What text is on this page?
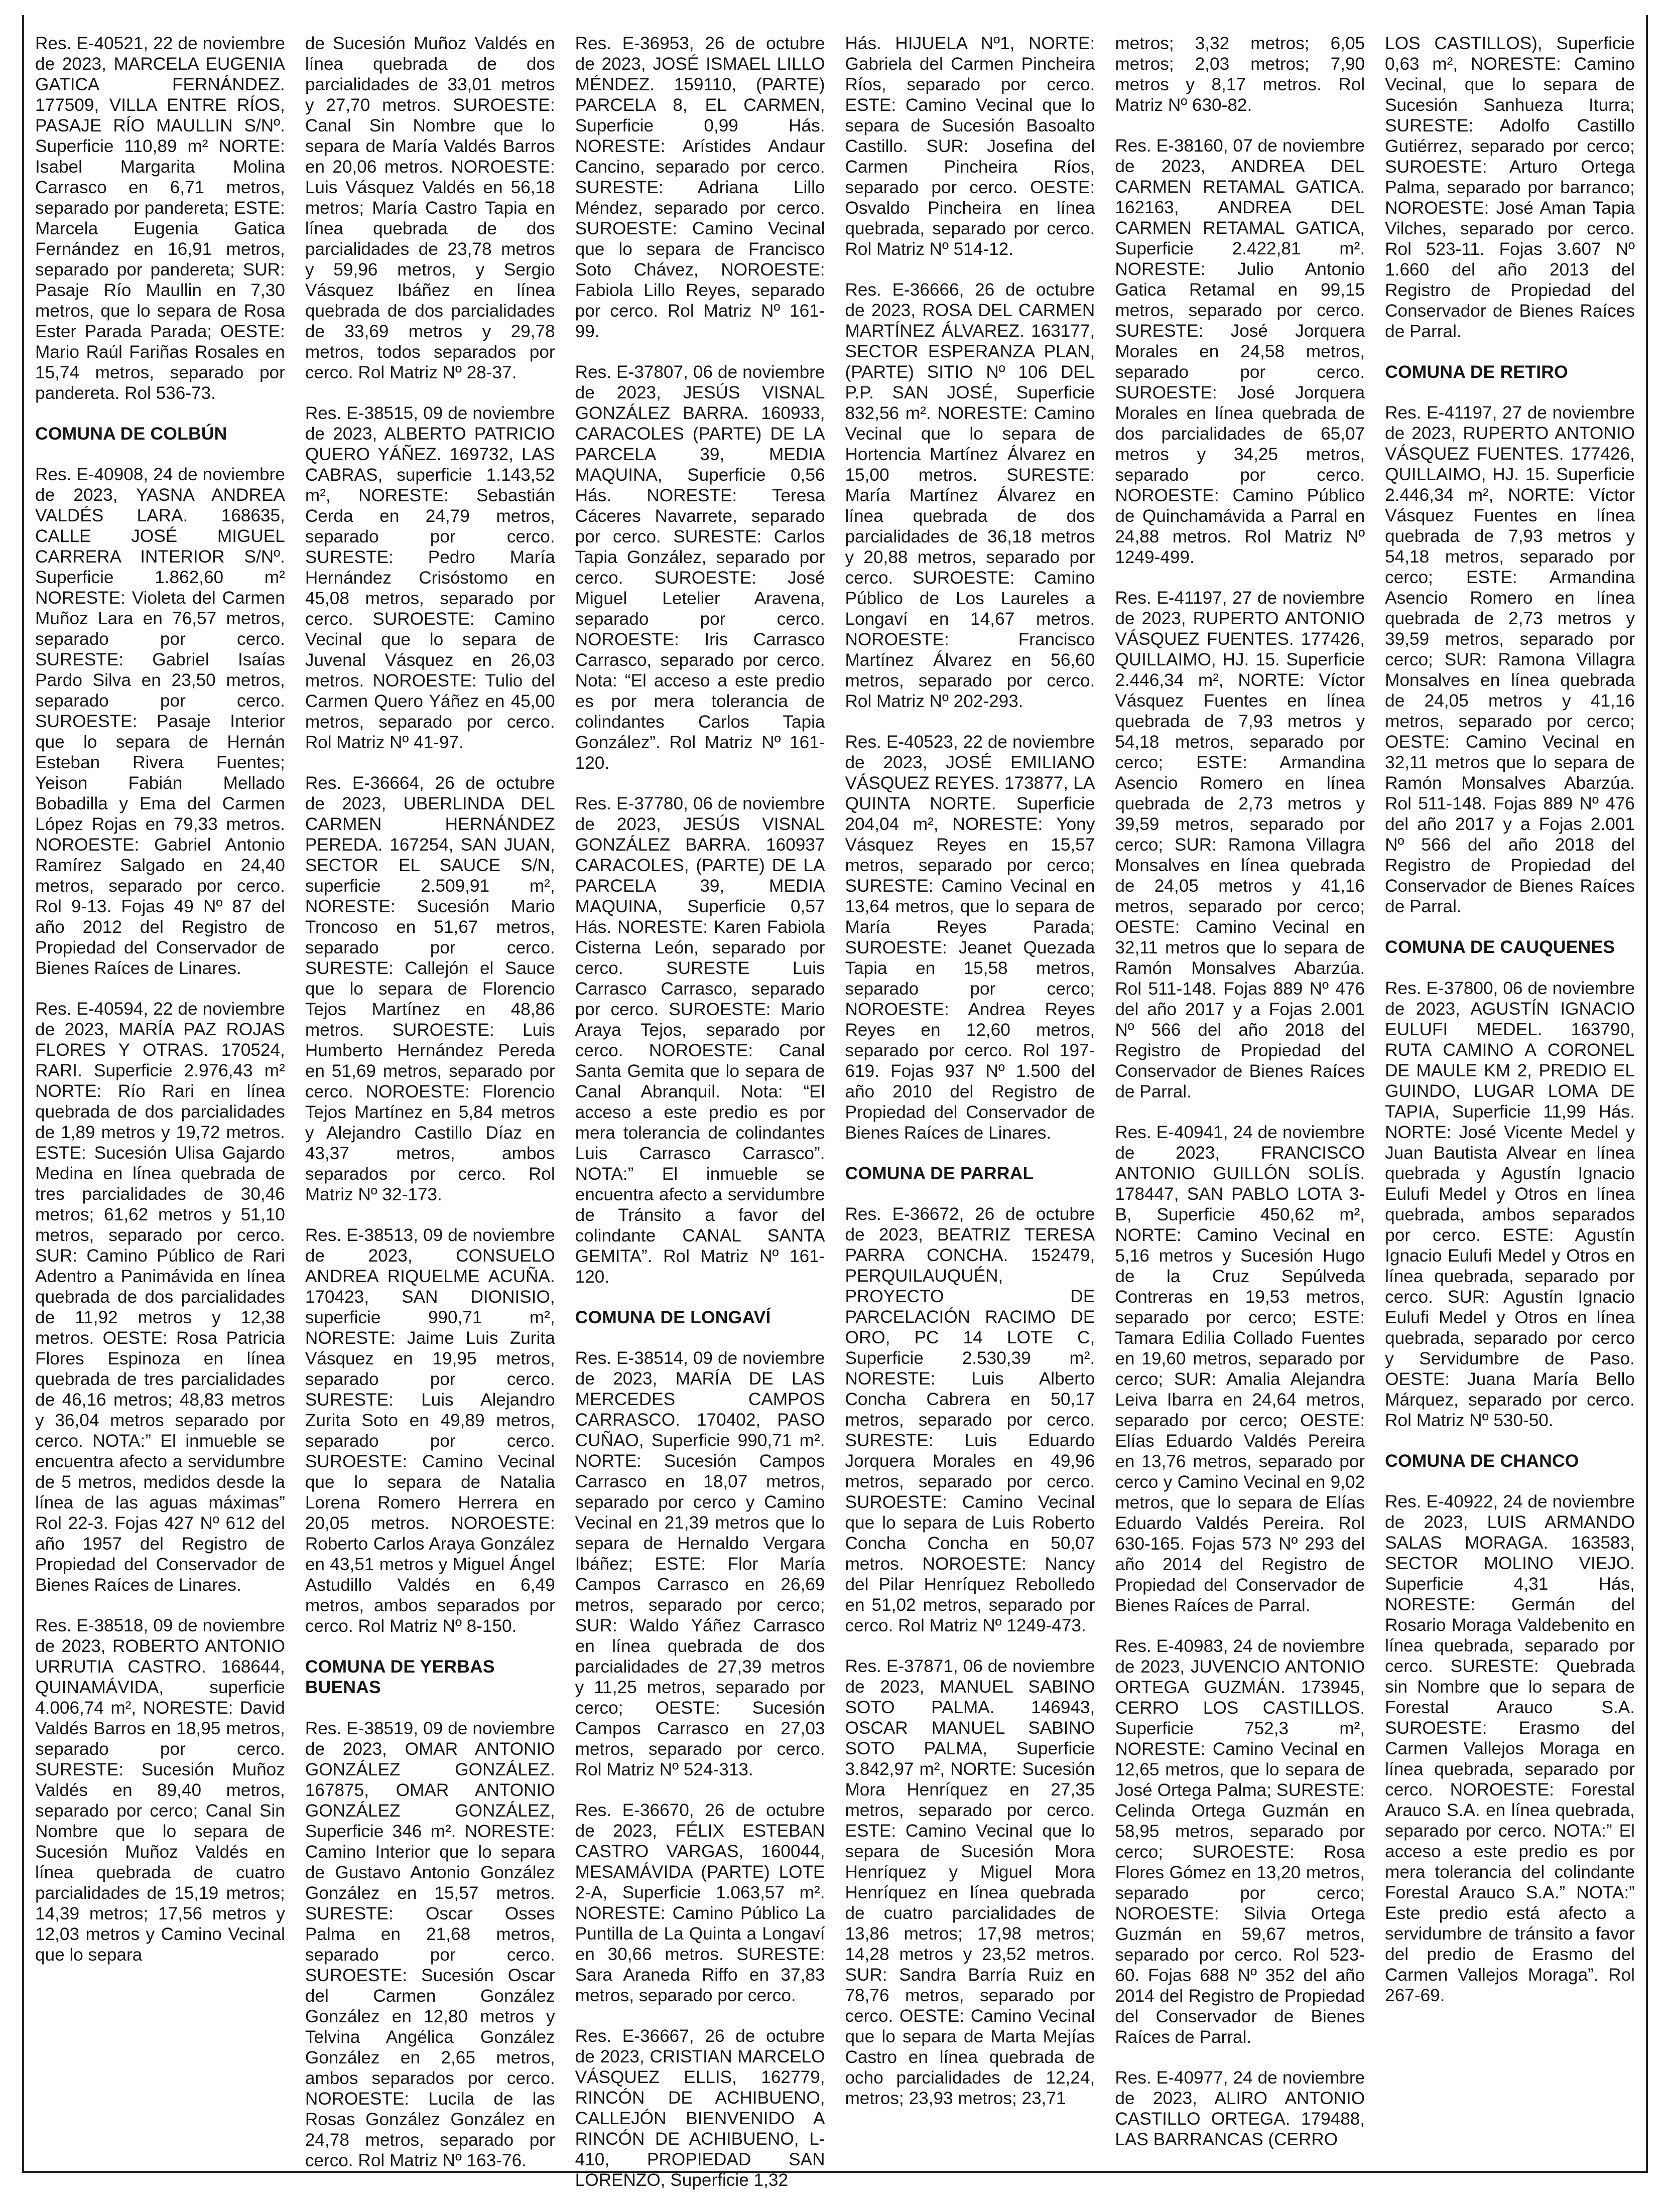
Res. E-40521, 22 de noviembre de 2023, MARCELA EUGENIA GATICA FERNÁNDEZ. 177509, VILLA ENTRE RÍOS, PASAJE RÍO MAULLIN S/Nº. Superficie 110,89 m² NORTE: Isabel Margarita Molina Carrasco en 6,71 metros, separado por pandereta; ESTE: Marcela Eugenia Gatica Fernández en 16,91 metros, separado por pandereta; SUR: Pasaje Río Maullin en 7,30 metros, que lo separa de Rosa Ester Parada Parada; OESTE: Mario Raúl Fariñas Rosales en 15,74 metros, separado por pandereta. Rol 536-73.

COMUNA DE COLBÚN

Res. E-40908, 24 de noviembre de 2023, YASNA ANDREA VALDÉS LARA. 168635, CALLE JOSÉ MIGUEL CARRERA INTERIOR S/Nº. Superficie 1.862,60 m² NORESTE: Violeta del Carmen Muñoz Lara en 76,57 metros, separado por cerco. SURESTE: Gabriel Isaías Pardo Silva en 23,50 metros, separado por cerco. SUROESTE: Pasaje Interior que lo separa de Hernán Esteban Rivera Fuentes; Yeison Fabián Mellado Bobadilla y Ema del Carmen López Rojas en 79,33 metros. NOROESTE: Gabriel Antonio Ramírez Salgado en 24,40 metros, separado por cerco. Rol 9-13. Fojas 49 Nº 87 del año 2012 del Registro de Propiedad del Conservador de Bienes Raíces de Linares.

Res. E-40594, 22 de noviembre de 2023, MARÍA PAZ ROJAS FLORES Y OTRAS. 170524, RARI. Superficie 2.976,43 m² NORTE: Río Rari en línea quebrada de dos parcialidades de 1,89 metros y 19,72 metros. ESTE: Sucesión Ulisa Gajardo Medina en línea quebrada de tres parcialidades de 30,46 metros; 61,62 metros y 51,10 metros, separado por cerco. SUR: Camino Público de Rari Adentro a Panimávida en línea quebrada de dos parcialidades de 11,92 metros y 12,38 metros. OESTE: Rosa Patricia Flores Espinoza en línea quebrada de tres parcialidades de 46,16 metros; 48,83 metros y 36,04 metros separado por cerco. NOTA:” El inmueble se encuentra afecto a servidumbre de 5 metros, medidos desde la línea de las aguas máximas” Rol 22-3. Fojas 427 Nº 612 del año 1957 del Registro de Propiedad del Conservador de Bienes Raíces de Linares.

Res. E-38518, 09 de noviembre de 2023, ROBERTO ANTONIO URRUTIA CASTRO. 168644, QUINAMÁVIDA, superficie 4.006,74 m², NORESTE: David Valdés Barros en 18,95 metros, separado por cerco. SURESTE: Sucesión Muñoz Valdés en 89,40 metros, separado por cerco; Canal Sin Nombre que lo separa de Sucesión Muñoz Valdés en línea quebrada de cuatro parcialidades de 15,19 metros; 14,39 metros; 17,56 metros y 12,03 metros y Camino Vecinal que lo separa

de Sucesión Muñoz Valdés en línea quebrada de dos parcialidades de 33,01 metros y 27,70 metros. SUROESTE: Canal Sin Nombre que lo separa de María Valdés Barros en 20,06 metros. NOROESTE: Luis Vásquez Valdés en 56,18 metros; María Castro Tapia en línea quebrada de dos parcialidades de 23,78 metros y 59,96 metros, y Sergio Vásquez Ibáñez en línea quebrada de dos parcialidades de 33,69 metros y 29,78 metros, todos separados por cerco. Rol Matriz Nº 28-37.

Res. E-38515, 09 de noviembre de 2023, ALBERTO PATRICIO QUERO YÁÑEZ. 169732, LAS CABRAS, superficie 1.143,52 m², NORESTE: Sebastián Cerda en 24,79 metros, separado por cerco. SURESTE: Pedro María Hernández Crisóstomo en 45,08 metros, separado por cerco. SUROESTE: Camino Vecinal que lo separa de Juvenal Vásquez en 26,03 metros. NOROESTE: Tulio del Carmen Quero Yáñez en 45,00 metros, separado por cerco. Rol Matriz Nº 41-97.

Res. E-36664, 26 de octubre de 2023, UBERLINDA DEL CARMEN HERNÁNDEZ PEREDA. 167254, SAN JUAN, SECTOR EL SAUCE S/N, superficie 2.509,91 m², NORESTE: Sucesión Mario Troncoso en 51,67 metros, separado por cerco. SURESTE: Callejón el Sauce que lo separa de Florencio Tejos Martínez en 48,86 metros. SUROESTE: Luis Humberto Hernández Pereda en 51,69 metros, separado por cerco. NOROESTE: Florencio Tejos Martínez en 5,84 metros y Alejandro Castillo Díaz en 43,37 metros, ambos separados por cerco. Rol Matriz Nº 32-173.

Res. E-38513, 09 de noviembre de 2023, CONSUELO ANDREA RIQUELME ACUÑA. 170423, SAN DIONISIO, superficie 990,71 m², NORESTE: Jaime Luis Zurita Vásquez en 19,95 metros, separado por cerco. SURESTE: Luis Alejandro Zurita Soto en 49,89 metros, separado por cerco. SUROESTE: Camino Vecinal que lo separa de Natalia Lorena Romero Herrera en 20,05 metros. NOROESTE: Roberto Carlos Araya González en 43,51 metros y Miguel Ángel Astudillo Valdés en 6,49 metros, ambos separados por cerco. Rol Matriz Nº 8-150.

COMUNA DE YERBAS BUENAS

Res. E-38519, 09 de noviembre de 2023, OMAR ANTONIO GONZÁLEZ GONZÁLEZ. 167875, OMAR ANTONIO GONZÁLEZ GONZÁLEZ, Superficie 346 m². NORESTE: Camino Interior que lo separa de Gustavo Antonio González González en 15,57 metros. SURESTE: Oscar Osses Palma en 21,68 metros, separado por cerco. SUROESTE: Sucesión Oscar del Carmen González González en 12,80 metros y Telvina Angélica González González en 2,65 metros, ambos separados por cerco. NOROESTE: Lucila de las Rosas González González en 24,78 metros, separado por cerco. Rol Matriz Nº 163-76.

Res. E-36953, 26 de octubre de 2023, JOSÉ ISMAEL LILLO MÉNDEZ. 159110, (PARTE) PARCELA 8, EL CARMEN, Superficie 0,99 Hás. NORESTE: Arístides Andaur Cancino, separado por cerco. SURESTE: Adriana Lillo Méndez, separado por cerco. SUROESTE: Camino Vecinal que lo separa de Francisco Soto Chávez, NOROESTE: Fabiola Lillo Reyes, separado por cerco. Rol Matriz Nº 161-99.

Res. E-37807, 06 de noviembre de 2023, JESÚS VISNAL GONZÁLEZ BARRA. 160933, CARACOLES (PARTE) DE LA PARCELA 39, MEDIA MAQUINA, Superficie 0,56 Hás. NORESTE: Teresa Cáceres Navarrete, separado por cerco. SURESTE: Carlos Tapia González, separado por cerco. SUROESTE: José Miguel Letelier Aravena, separado por cerco. NOROESTE: Iris Carrasco Carrasco, separado por cerco. Nota: “El acceso a este predio es por mera tolerancia de colindantes Carlos Tapia González”. Rol Matriz Nº 161-120.

Res. E-37780, 06 de noviembre de 2023, JESÚS VISNAL GONZÁLEZ BARRA. 160937 CARACOLES, (PARTE) DE LA PARCELA 39, MEDIA MAQUINA, Superficie 0,57 Hás. NORESTE: Karen Fabiola Cisterna León, separado por cerco. SURESTE Luis Carrasco Carrasco, separado por cerco. SUROESTE: Mario Araya Tejos, separado por cerco. NOROESTE: Canal Santa Gemita que lo separa de Canal Abranquil. Nota: “El acceso a este predio es por mera tolerancia de colindantes Luis Carrasco Carrasco”. NOTA:” El inmueble se encuentra afecto a servidumbre de Tránsito a favor del colindante CANAL SANTA GEMITA”. Rol Matriz Nº 161-120.

COMUNA DE LONGAVÍ

Res. E-38514, 09 de noviembre de 2023, MARÍA DE LAS MERCEDES CAMPOS CARRASCO. 170402, PASO CUÑAO, Superficie 990,71 m². NORTE: Sucesión Campos Carrasco en 18,07 metros, separado por cerco y Camino Vecinal en 21,39 metros que lo separa de Hernaldo Vergara Ibáñez; ESTE: Flor María Campos Carrasco en 26,69 metros, separado por cerco; SUR: Waldo Yáñez Carrasco en línea quebrada de dos parcialidades de 27,39 metros y 11,25 metros, separado por cerco; OESTE: Sucesión Campos Carrasco en 27,03 metros, separado por cerco. Rol Matriz Nº 524-313.

Res. E-36670, 26 de octubre de 2023, FÉLIX ESTEBAN CASTRO VARGAS, 160044, MESAMÁVIDA (PARTE) LOTE 2-A, Superficie 1.063,57 m². NORESTE: Camino Público La Puntilla de La Quinta a Longaví en 30,66 metros. SURESTE: Sara Araneda Riffo en 37,83 metros, separado por cerco.

Res. E-36667, 26 de octubre de 2023, CRISTIAN MARCELO VÁSQUEZ ELLIS, 162779, RINCÓN DE ACHIBUENO, CALLEJÓN BIENVENIDO A RINCÓN DE ACHIBUENO, L-410, PROPIEDAD SAN LORENZO, Superficie 1,32

Hás. HIJUELA Nº1, NORTE: Gabriela del Carmen Pincheira Ríos, separado por cerco. ESTE: Camino Vecinal que lo separa de Sucesión Basoalto Castillo. SUR: Josefina del Carmen Pincheira Ríos, separado por cerco. OESTE: Osvaldo Pincheira en línea quebrada, separado por cerco. Rol Matriz Nº 514-12.

Res. E-36666, 26 de octubre de 2023, ROSA DEL CARMEN MARTÍNEZ ÁLVAREZ. 163177, SECTOR ESPERANZA PLAN, (PARTE) SITIO Nº 106 DEL P.P. SAN JOSÉ, Superficie 832,56 m². NORESTE: Camino Vecinal que lo separa de Hortencia Martínez Álvarez en 15,00 metros. SURESTE: María Martínez Álvarez en línea quebrada de dos parcialidades de 36,18 metros y 20,88 metros, separado por cerco. SUROESTE: Camino Público de Los Laureles a Longaví en 14,67 metros. NOROESTE: Francisco Martínez Álvarez en 56,60 metros, separado por cerco. Rol Matriz Nº 202-293.

Res. E-40523, 22 de noviembre de 2023, JOSÉ EMILIANO VÁSQUEZ REYES. 173877, LA QUINTA NORTE. Superficie 204,04 m², NORESTE: Yony Vásquez Reyes en 15,57 metros, separado por cerco; SURESTE: Camino Vecinal en 13,64 metros, que lo separa de María Reyes Parada; SUROESTE: Jeanet Quezada Tapia en 15,58 metros, separado por cerco; NOROESTE: Andrea Reyes Reyes en 12,60 metros, separado por cerco. Rol 197-619. Fojas 937 Nº 1.500 del año 2010 del Registro de Propiedad del Conservador de Bienes Raíces de Linares.

COMUNA DE PARRAL

Res. E-36672, 26 de octubre de 2023, BEATRIZ TERESA PARRA CONCHA. 152479, PERQUILAUQUÉN, PROYECTO DE PARCELACIÓN RACIMO DE ORO, PC 14 LOTE C, Superficie 2.530,39 m². NORESTE: Luis Alberto Concha Cabrera en 50,17 metros, separado por cerco. SURESTE: Luis Eduardo Jorquera Morales en 49,96 metros, separado por cerco. SUROESTE: Camino Vecinal que lo separa de Luis Roberto Concha Concha en 50,07 metros. NOROESTE: Nancy del Pilar Henríquez Rebolledo en 51,02 metros, separado por cerco. Rol Matriz Nº 1249-473.

Res. E-37871, 06 de noviembre de 2023, MANUEL SABINO SOTO PALMA. 146943, OSCAR MANUEL SABINO SOTO PALMA, Superficie 3.842,97 m², NORTE: Sucesión Mora Henríquez en 27,35 metros, separado por cerco. ESTE: Camino Vecinal que lo separa de Sucesión Mora Henríquez y Miguel Mora Henríquez en línea quebrada de cuatro parcialidades de 13,86 metros; 17,98 metros; 14,28 metros y 23,52 metros. SUR: Sandra Barría Ruiz en 78,76 metros, separado por cerco. OESTE: Camino Vecinal que lo separa de Marta Mejías Castro en línea quebrada de ocho parcialidades de 12,24, metros; 23,93 metros; 23,71

metros; 3,32 metros; 6,05 metros; 2,03 metros; 7,90 metros y 8,17 metros. Rol Matriz Nº 630-82.

Res. E-38160, 07 de noviembre de 2023, ANDREA DEL CARMEN RETAMAL GATICA. 162163, ANDREA DEL CARMEN RETAMAL GATICA, Superficie 2.422,81 m². NORESTE: Julio Antonio Gatica Retamal en 99,15 metros, separado por cerco. SURESTE: José Jorquera Morales en 24,58 metros, separado por cerco. SUROESTE: José Jorquera Morales en línea quebrada de dos parcialidades de 65,07 metros y 34,25 metros, separado por cerco. NOROESTE: Camino Público de Quinchamávida a Parral en 24,88 metros. Rol Matriz Nº 1249-499.

Res. E-41197, 27 de noviembre de 2023, RUPERTO ANTONIO VÁSQUEZ FUENTES. 177426, QUILLAIMO, HJ. 15. Superficie 2.446,34 m², NORTE: Víctor Vásquez Fuentes en línea quebrada de 7,93 metros y 54,18 metros, separado por cerco; ESTE: Armandina Asencio Romero en línea quebrada de 2,73 metros y 39,59 metros, separado por cerco; SUR: Ramona Villagra Monsalves en línea quebrada de 24,05 metros y 41,16 metros, separado por cerco; OESTE: Camino Vecinal en 32,11 metros que lo separa de Ramón Monsalves Abarzúa. Rol 511-148. Fojas 889 Nº 476 del año 2017 y a Fojas 2.001 Nº 566 del año 2018 del Registro de Propiedad del Conservador de Bienes Raíces de Parral.

Res. E-40941, 24 de noviembre de 2023, FRANCISCO ANTONIO GUILLÓN SOLÍS. 178447, SAN PABLO LOTA 3-B, Superficie 450,62 m², NORTE: Camino Vecinal en 5,16 metros y Sucesión Hugo de la Cruz Sepúlveda Contreras en 19,53 metros, separado por cerco; ESTE: Tamara Edilia Collado Fuentes en 19,60 metros, separado por cerco; SUR: Amalia Alejandra Leiva Ibarra en 24,64 metros, separado por cerco; OESTE: Elías Eduardo Valdés Pereira en 13,76 metros, separado por cerco y Camino Vecinal en 9,02 metros, que lo separa de Elías Eduardo Valdés Pereira. Rol 630-165. Fojas 573 Nº 293 del año 2014 del Registro de Propiedad del Conservador de Bienes Raíces de Parral.

Res. E-40983, 24 de noviembre de 2023, JUVENCIO ANTONIO ORTEGA GUZMÁN. 173945, CERRO LOS CASTILLOS. Superficie 752,3 m², NORESTE: Camino Vecinal en 12,65 metros, que lo separa de José Ortega Palma; SURESTE: Celinda Ortega Guzmán en 58,95 metros, separado por cerco; SUROESTE: Rosa Flores Gómez en 13,20 metros, separado por cerco; NOROESTE: Silvia Ortega Guzmán en 59,67 metros, separado por cerco. Rol 523-60. Fojas 688 Nº 352 del año 2014 del Registro de Propiedad del Conservador de Bienes Raíces de Parral.

Res. E-40977, 24 de noviembre de 2023, ALIRO ANTONIO CASTILLO ORTEGA. 179488, LAS BARRANCAS (CERRO

LOS CASTILLOS), Superficie 0,63 m², NORESTE: Camino Vecinal, que lo separa de Sucesión Sanhueza Iturra; SURESTE: Adolfo Castillo Gutiérrez, separado por cerco; SUROESTE: Arturo Ortega Palma, separado por barranco; NOROESTE: José Aman Tapia Vilches, separado por cerco. Rol 523-11. Fojas 3.607 Nº 1.660 del año 2013 del Registro de Propiedad del Conservador de Bienes Raíces de Parral.

COMUNA DE RETIRO

Res. E-41197, 27 de noviembre de 2023, RUPERTO ANTONIO VÁSQUEZ FUENTES. 177426, QUILLAIMO, HJ. 15. Superficie 2.446,34 m², NORTE: Víctor Vásquez Fuentes en línea quebrada de 7,93 metros y 54,18 metros, separado por cerco; ESTE: Armandina Asencio Romero en línea quebrada de 2,73 metros y 39,59 metros, separado por cerco; SUR: Ramona Villagra Monsalves en línea quebrada de 24,05 metros y 41,16 metros, separado por cerco; OESTE: Camino Vecinal en 32,11 metros que lo separa de Ramón Monsalves Abarzúa. Rol 511-148. Fojas 889 Nº 476 del año 2017 y a Fojas 2.001 Nº 566 del año 2018 del Registro de Propiedad del Conservador de Bienes Raíces de Parral.

COMUNA DE CAUQUENES

Res. E-37800, 06 de noviembre de 2023, AGUSTÍN IGNACIO EULUFI MEDEL. 163790, RUTA CAMINO A CORONEL DE MAULE KM 2, PREDIO EL GUINDO, LUGAR LOMA DE TAPIA, Superficie 11,99 Hás. NORTE: José Vicente Medel y Juan Bautista Alvear en línea quebrada y Agustín Ignacio Eulufi Medel y Otros en línea quebrada, ambos separados por cerco. ESTE: Agustín Ignacio Eulufi Medel y Otros en línea quebrada, separado por cerco. SUR: Agustín Ignacio Eulufi Medel y Otros en línea quebrada, separado por cerco y Servidumbre de Paso. OESTE: Juana María Bello Márquez, separado por cerco. Rol Matriz Nº 530-50.

COMUNA DE CHANCO

Res. E-40922, 24 de noviembre de 2023, LUIS ARMANDO SALAS MORAGA. 163583, SECTOR MOLINO VIEJO. Superficie 4,31 Hás, NORESTE: Germán del Rosario Moraga Valdebenito en línea quebrada, separado por cerco. SURESTE: Quebrada sin Nombre que lo separa de Forestal Arauco S.A. SUROESTE: Erasmo del Carmen Vallejos Moraga en línea quebrada, separado por cerco. NOROESTE: Forestal Arauco S.A. en línea quebrada, separado por cerco. NOTA:” El acceso a este predio es por mera tolerancia del colindante Forestal Arauco S.A.” NOTA:” Este predio está afecto a servidumbre de tránsito a favor del predio de Erasmo del Carmen Vallejos Moraga”. Rol 267-69.
